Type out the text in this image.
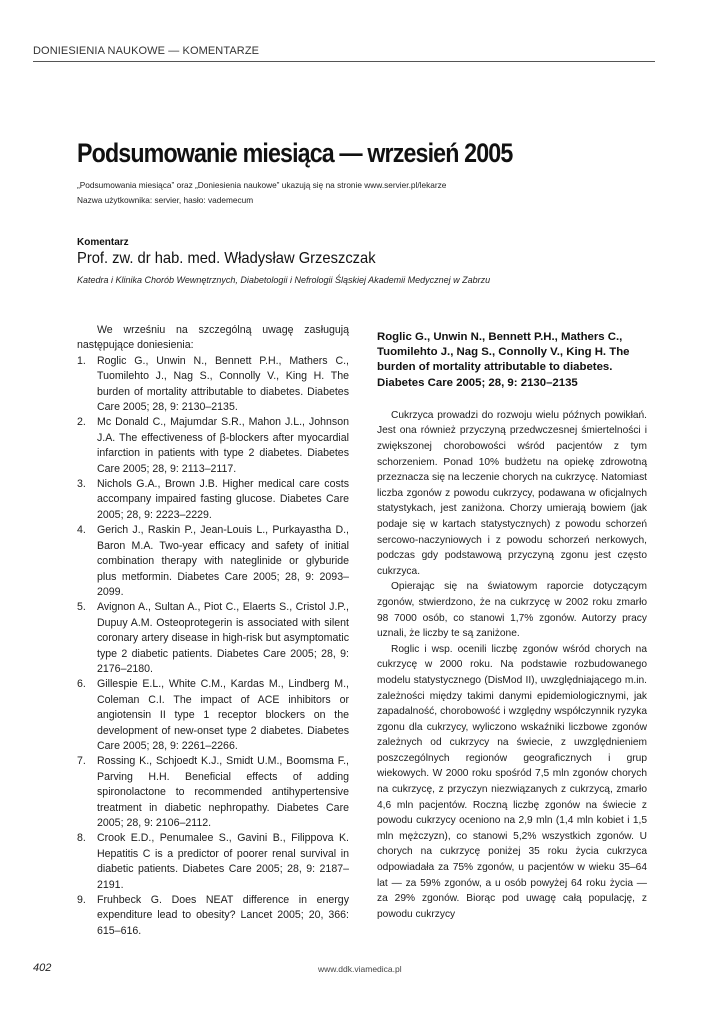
DONIESIENIA NAUKOWE — KOMENTARZE
Podsumowanie miesiąca — wrzesień 2005
„Podsumowania miesiąca” oraz „Doniesienia naukowe” ukazują się na stronie www.servier.pl/lekarze
Nazwa użytkownika: servier, hasło: vademecum
Komentarz
Prof. zw. dr hab. med. Władysław Grzeszczak
Katedra i Klinika Chorób Wewnętrznych, Diabetologii i Nefrologii Śląskiej Akademii Medycznej w Zabrzu

We wrześniu na szczególną uwagę zasługują następujące doniesienia:

1. Roglic G., Unwin N., Bennett P.H., Mathers C., Tuomilehto J., Nag S., Connolly V., King H. The burden of mortality attributable to diabetes. Diabetes Care 2005; 28, 9: 2130–2135.
2. Mc Donald C., Majumdar S.R., Mahon J.L., Johnson J.A. The effectiveness of β-blockers after myocardial infarction in patients with type 2 diabetes. Diabetes Care 2005; 28, 9: 2113–2117.
3. Nichols G.A., Brown J.B. Higher medical care costs accompany impaired fasting glucose. Diabetes Care 2005; 28, 9: 2223–2229.
4. Gerich J., Raskin P., Jean-Louis L., Purkayastha D., Baron M.A. Two-year efficacy and safety of initial combination therapy with nateglinide or glyburide plus metformin. Diabetes Care 2005; 28, 9: 2093–2099.
5. Avignon A., Sultan A., Piot C., Elaerts S., Cristol J.P., Dupuy A.M. Osteoprotegerin is associated with silent coronary artery disease in high-risk but asymptomatic type 2 diabetic patients. Diabetes Care 2005; 28, 9: 2176–2180.
6. Gillespie E.L., White C.M., Kardas M., Lindberg M., Coleman C.I. The impact of ACE inhibitors or angiotensin II type 1 receptor blockers on the development of new-onset type 2 diabetes. Diabetes Care 2005; 28, 9: 2261–2266.
7. Rossing K., Schjoedt K.J., Smidt U.M., Boomsma F., Parving H.H. Beneficial effects of adding spironolactone to recommended antihypertensive treatment in diabetic nephropathy. Diabetes Care 2005; 28, 9: 2106–2112.
8. Crook E.D., Penumalee S., Gavini B., Filippova K. Hepatitis C is a predictor of poorer renal survival in diabetic patients. Diabetes Care 2005; 28, 9: 2187–2191.
9. Fruhbeck G. Does NEAT difference in energy expenditure lead to obesity? Lancet 2005; 20, 366: 615–616.
Roglic G., Unwin N., Bennett P.H., Mathers C., Tuomilehto J., Nag S., Connolly V., King H. The burden of mortality attributable to diabetes. Diabetes Care 2005; 28, 9: 2130–2135

Cukrzyca prowadzi do rozwoju wielu późnych powikłań. Jest ona również przyczyną przedwczesnej śmiertelności i zwiększonej chorobowości wśród pacjentów z tym schorzeniem. Ponad 10% budżetu na opiekę zdrowotną przeznacza się na leczenie chorych na cukrzycę. Natomiast liczba zgonów z powodu cukrzycy, podawana w oficjalnych statystykach, jest zaniżona. Chorzy umierają bowiem (jak podaje się w kartach statystycznych) z powodu schorzeń sercowo-naczyniowych i z powodu schorzeń nerkowych, podczas gdy podstawową przyczyną zgonu jest często cukrzyca.

Opierając się na światowym raporcie dotyczącym zgonów, stwierdzono, że na cukrzycę w 2002 roku zmarło 98 7000 osób, co stanowi 1,7% zgonów. Autorzy pracy uznali, że liczby te są zaniżone.

Roglic i wsp. ocenili liczbę zgonów wśród chorych na cukrzycę w 2000 roku. Na podstawie rozbudowanego modelu statystycznego (DisMod II), uwzględniającego m.in. zależności między takimi danymi epidemiologicznymi, jak zapadalność, chorobowość i względny współczynnik ryzyka zgonu dla cukrzycy, wyliczono wskaźniki liczbowe zgonów zależnych od cukrzycy na świecie, z uwzględnieniem poszczególnych regionów geograficznych i grup wiekowych. W 2000 roku spośród 7,5 mln zgonów chorych na cukrzycę, z przyczyn niezwiązanych z cukrzycą, zmarło 4,6 mln pacjentów. Roczną liczbę zgonów na świecie z powodu cukrzycy oceniono na 2,9 mln (1,4 mln kobiet i 1,5 mln mężczyzn), co stanowi 5,2% wszystkich zgonów. U chorych na cukrzycę poniżej 35 roku życia cukrzyca odpowiadała za 75% zgonów, u pacjentów w wieku 35–64 lat — za 59% zgonów, a u osób powyżej 64 roku życia — za 29% zgonów. Biorąc pod uwagę całą populację, z powodu cukrzycy

402	www.ddk.viamedica.pl
